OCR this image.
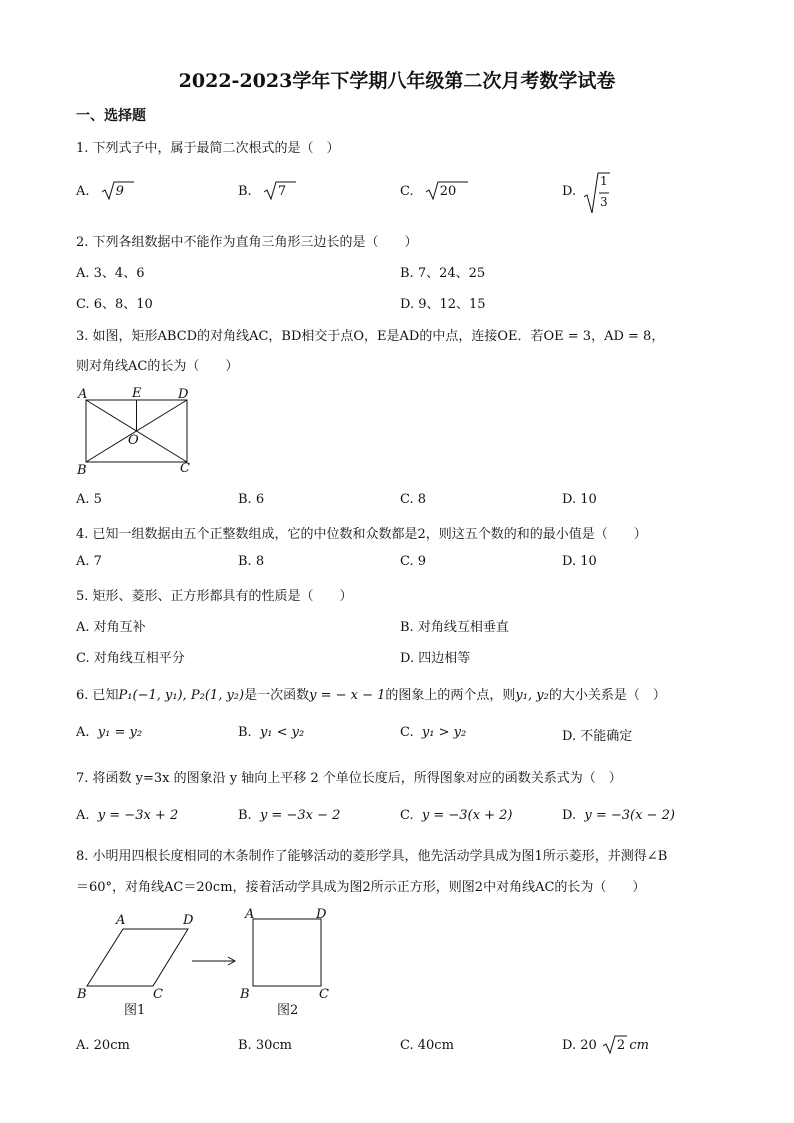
2022-2023学年下学期八年级第二次月考数学试卷
一、选择题
1. 下列式子中，属于最简二次根式的是（　）
A. 9	B. 7	C. 20	D.
1
3
2. 下列各组数据中不能作为直角三角形三边长的是（　　）
A. 3、4、6	B. 7、24、25
C. 6、8、10	D. 9、12、15
3. 如图，矩形ABCD的对角线AC，BD相交于点O，E是AD的中点，连接OE．若OE = 3，AD = 8，
则对角线AC的长为（　　）
A	E	D
O
B	C
A. 5	B. 6	C. 8	D. 10
4. 已知一组数据由五个正整数组成，它的中位数和众数都是2，则这五个数的和的最小值是（　　）
A. 7	B. 8	C. 9	D. 10
5. 矩形、菱形、正方形都具有的性质是（　　）
A. 对角互补	B. 对角线互相垂直
C. 对角线互相平分	D. 四边相等
6. 已知P₁(−1, y₁), P₂(1, y₂)是一次函数y = − x − 1的图象上的两个点，则y₁, y₂的大小关系是（　）
A. y₁ = y₂	B. y₁ < y₂	C. y₁ > y₂	D. 不能确定
7. 将函数 y=3x 的图象沿 y 轴向上平移 2 个单位长度后，所得图象对应的函数关系式为（　）
A. y = −3x + 2	B. y = −3x − 2	C. y = −3(x + 2)	D. y = −3(x − 2)
8. 小明用四根长度相同的木条制作了能够活动的菱形学具，他先活动学具成为图1所示菱形，并测得∠B
＝60°，对角线AC＝20cm，接着活动学具成为图2所示正方形，则图2中对角线AC的长为（　　）
A	D
B	C
图1
A	D
B	C
图2
A. 20cm	B. 30cm	C. 40cm	D. 20 2 cm
